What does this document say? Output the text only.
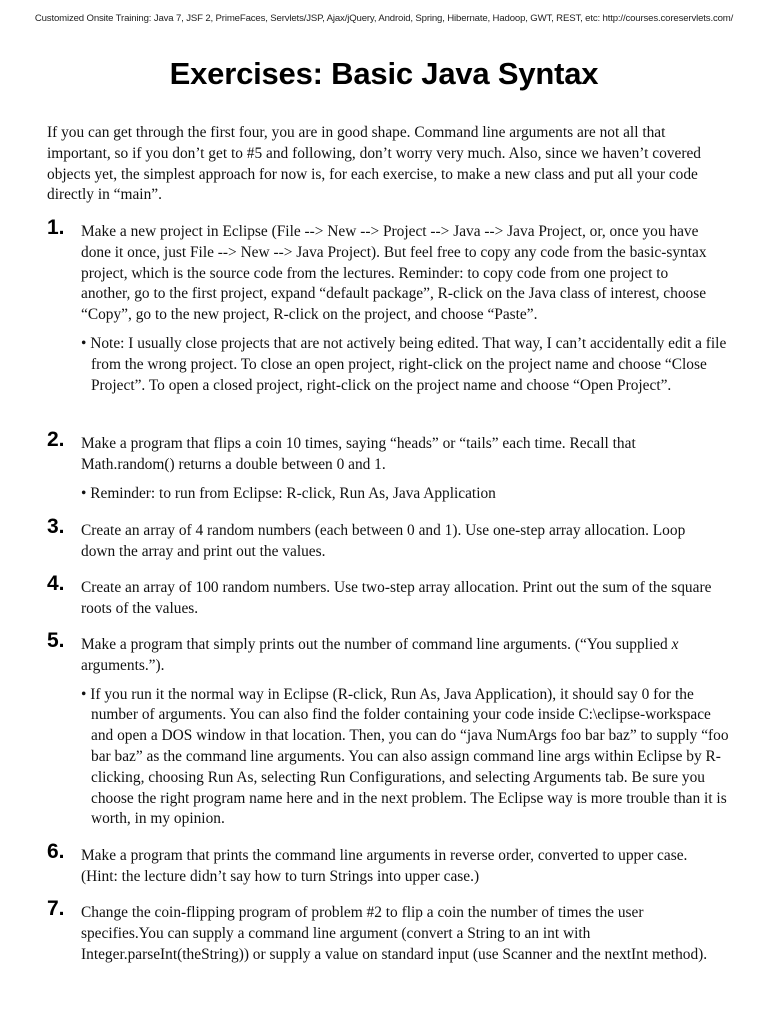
Customized Onsite Training: Java 7, JSF 2, PrimeFaces, Servlets/JSP, Ajax/jQuery, Android, Spring, Hibernate, Hadoop, GWT, REST, etc: http://courses.coreservlets.com/
Exercises: Basic Java Syntax

If you can get through the first four, you are in good shape. Command line arguments are not all that important, so if you don’t get to #5 and following, don’t worry very much. Also, since we haven’t covered objects yet, the simplest approach for now is, for each exercise, to make a new class and put all your code directly in “main”.

1. Make a new project in Eclipse (File --> New --> Project --> Java --> Java Project, or, once you have done it once, just File --> New --> Java Project). But feel free to copy any code from the basic-syntax project, which is the source code from the lectures. Reminder: to copy code from one project to another, go to the first project, expand “default package”, R-click on the Java class of interest, choose “Copy”, go to the new project, R-click on the project, and choose “Paste”.

• Note: I usually close projects that are not actively being edited. That way, I can’t accidentally edit a file from the wrong project. To close an open project, right-click on the project name and choose “Close Project”. To open a closed project, right-click on the project name and choose “Open Project”.

2. Make a program that flips a coin 10 times, saying “heads” or “tails” each time. Recall that Math.random() returns a double between 0 and 1.

• Reminder: to run from Eclipse: R-click, Run As, Java Application

3. Create an array of 4 random numbers (each between 0 and 1). Use one-step array allocation. Loop down the array and print out the values.

4. Create an array of 100 random numbers. Use two-step array allocation. Print out the sum of the square roots of the values.

5. Make a program that simply prints out the number of command line arguments. (“You supplied x arguments.”).

• If you run it the normal way in Eclipse (R-click, Run As, Java Application), it should say 0 for the number of arguments. You can also find the folder containing your code inside C:\eclipse-workspace and open a DOS window in that location. Then, you can do “java NumArgs foo bar baz” to supply “foo bar baz” as the command line arguments. You can also assign command line args within Eclipse by R-clicking, choosing Run As, selecting Run Configurations, and selecting Arguments tab. Be sure you choose the right program name here and in the next problem. The Eclipse way is more trouble than it is worth, in my opinion.

6. Make a program that prints the command line arguments in reverse order, converted to upper case. (Hint: the lecture didn’t say how to turn Strings into upper case.)

7. Change the coin-flipping program of problem #2 to flip a coin the number of times the user specifies.You can supply a command line argument (convert a String to an int with Integer.parseInt(theString)) or supply a value on standard input (use Scanner and the nextInt method).
